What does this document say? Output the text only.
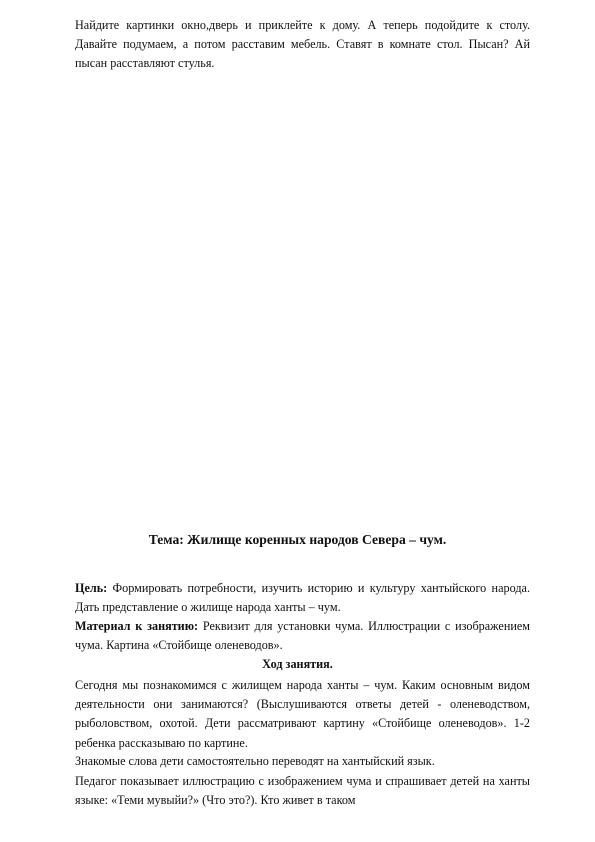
Найдите картинки окно,дверь и приклейте к дому. А теперь подойдите к столу. Давайте подумаем, а потом расставим мебель. Ставят в комнате стол. Пысан? Ай пысан расставляют стулья.

Тема: Жилище коренных народов Севера – чум.

Цель: Формировать потребности, изучить историю и культуру хантыйского народа. Дать представление о жилище народа ханты – чум.

Материал к занятию: Реквизит для установки чума. Иллюстрации с изображением чума. Картина «Стойбище оленеводов».

Ход занятия.

Сегодня мы познакомимся с жилищем народа ханты – чум. Каким основным видом деятельности они занимаются? (Выслушиваются ответы детей - оленеводством, рыболовством, охотой. Дети рассматривают картину «Стойбище оленеводов». 1-2 ребенка рассказываю по картине.

Знакомые слова дети самостоятельно переводят на хантыйский язык.

Педагог показывает иллюстрацию с изображением чума и спрашивает детей на ханты языке: «Теми мувыйи?» (Что это?). Кто живет в таком
